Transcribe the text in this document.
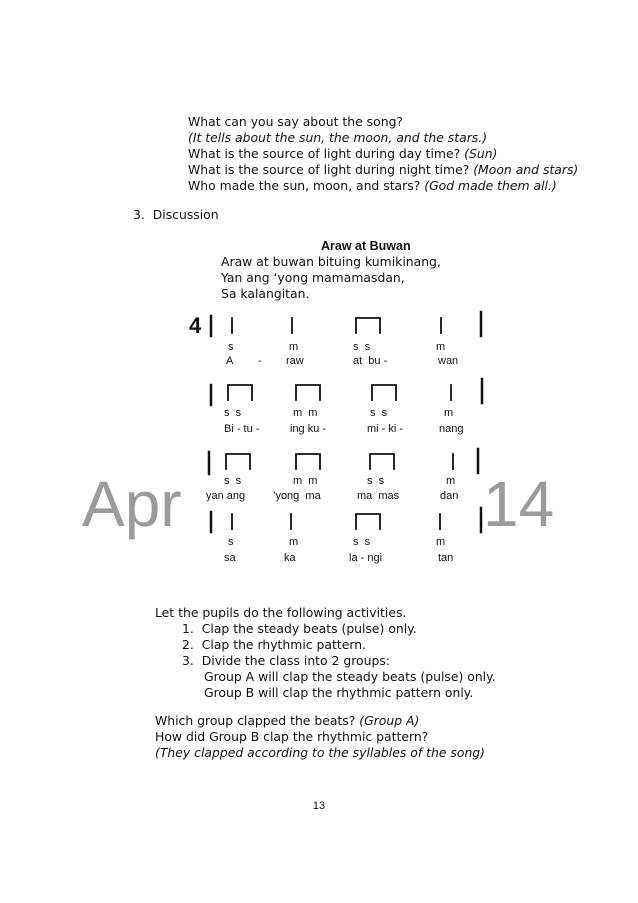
What can you say about the song?
(It tells about the sun, the moon, and the stars.)
What is the source of light during day time? (Sun)
What is the source of light during night time? (Moon and stars)
Who made the sun, moon, and stars? (God made them all.)
3. Discussion
Araw at Buwan
Araw at buwan bituing kumikinang,
Yan ang ‘yong mamamasdan,
Sa kalangitan.
Apr	14
4
s	m	s  s	m
A - raw	at  bu -	wan
s  s	m  m	s  s	m
Bi - tu -	ing ku -	mi - ki -	nang
s  s	m  m	s  s	m
yan ang	’yong  ma	ma  mas	dan
s	m	s  s	m
sa	ka	la - ngi	tan
Let the pupils do the following activities.
1. Clap the steady beats (pulse) only.
2. Clap the rhythmic pattern.
3. Divide the class into 2 groups:
Group A will clap the steady beats (pulse) only.
Group B will clap the rhythmic pattern only.
Which group clapped the beats? (Group A)
How did Group B clap the rhythmic pattern?
(They clapped according to the syllables of the song)
13
